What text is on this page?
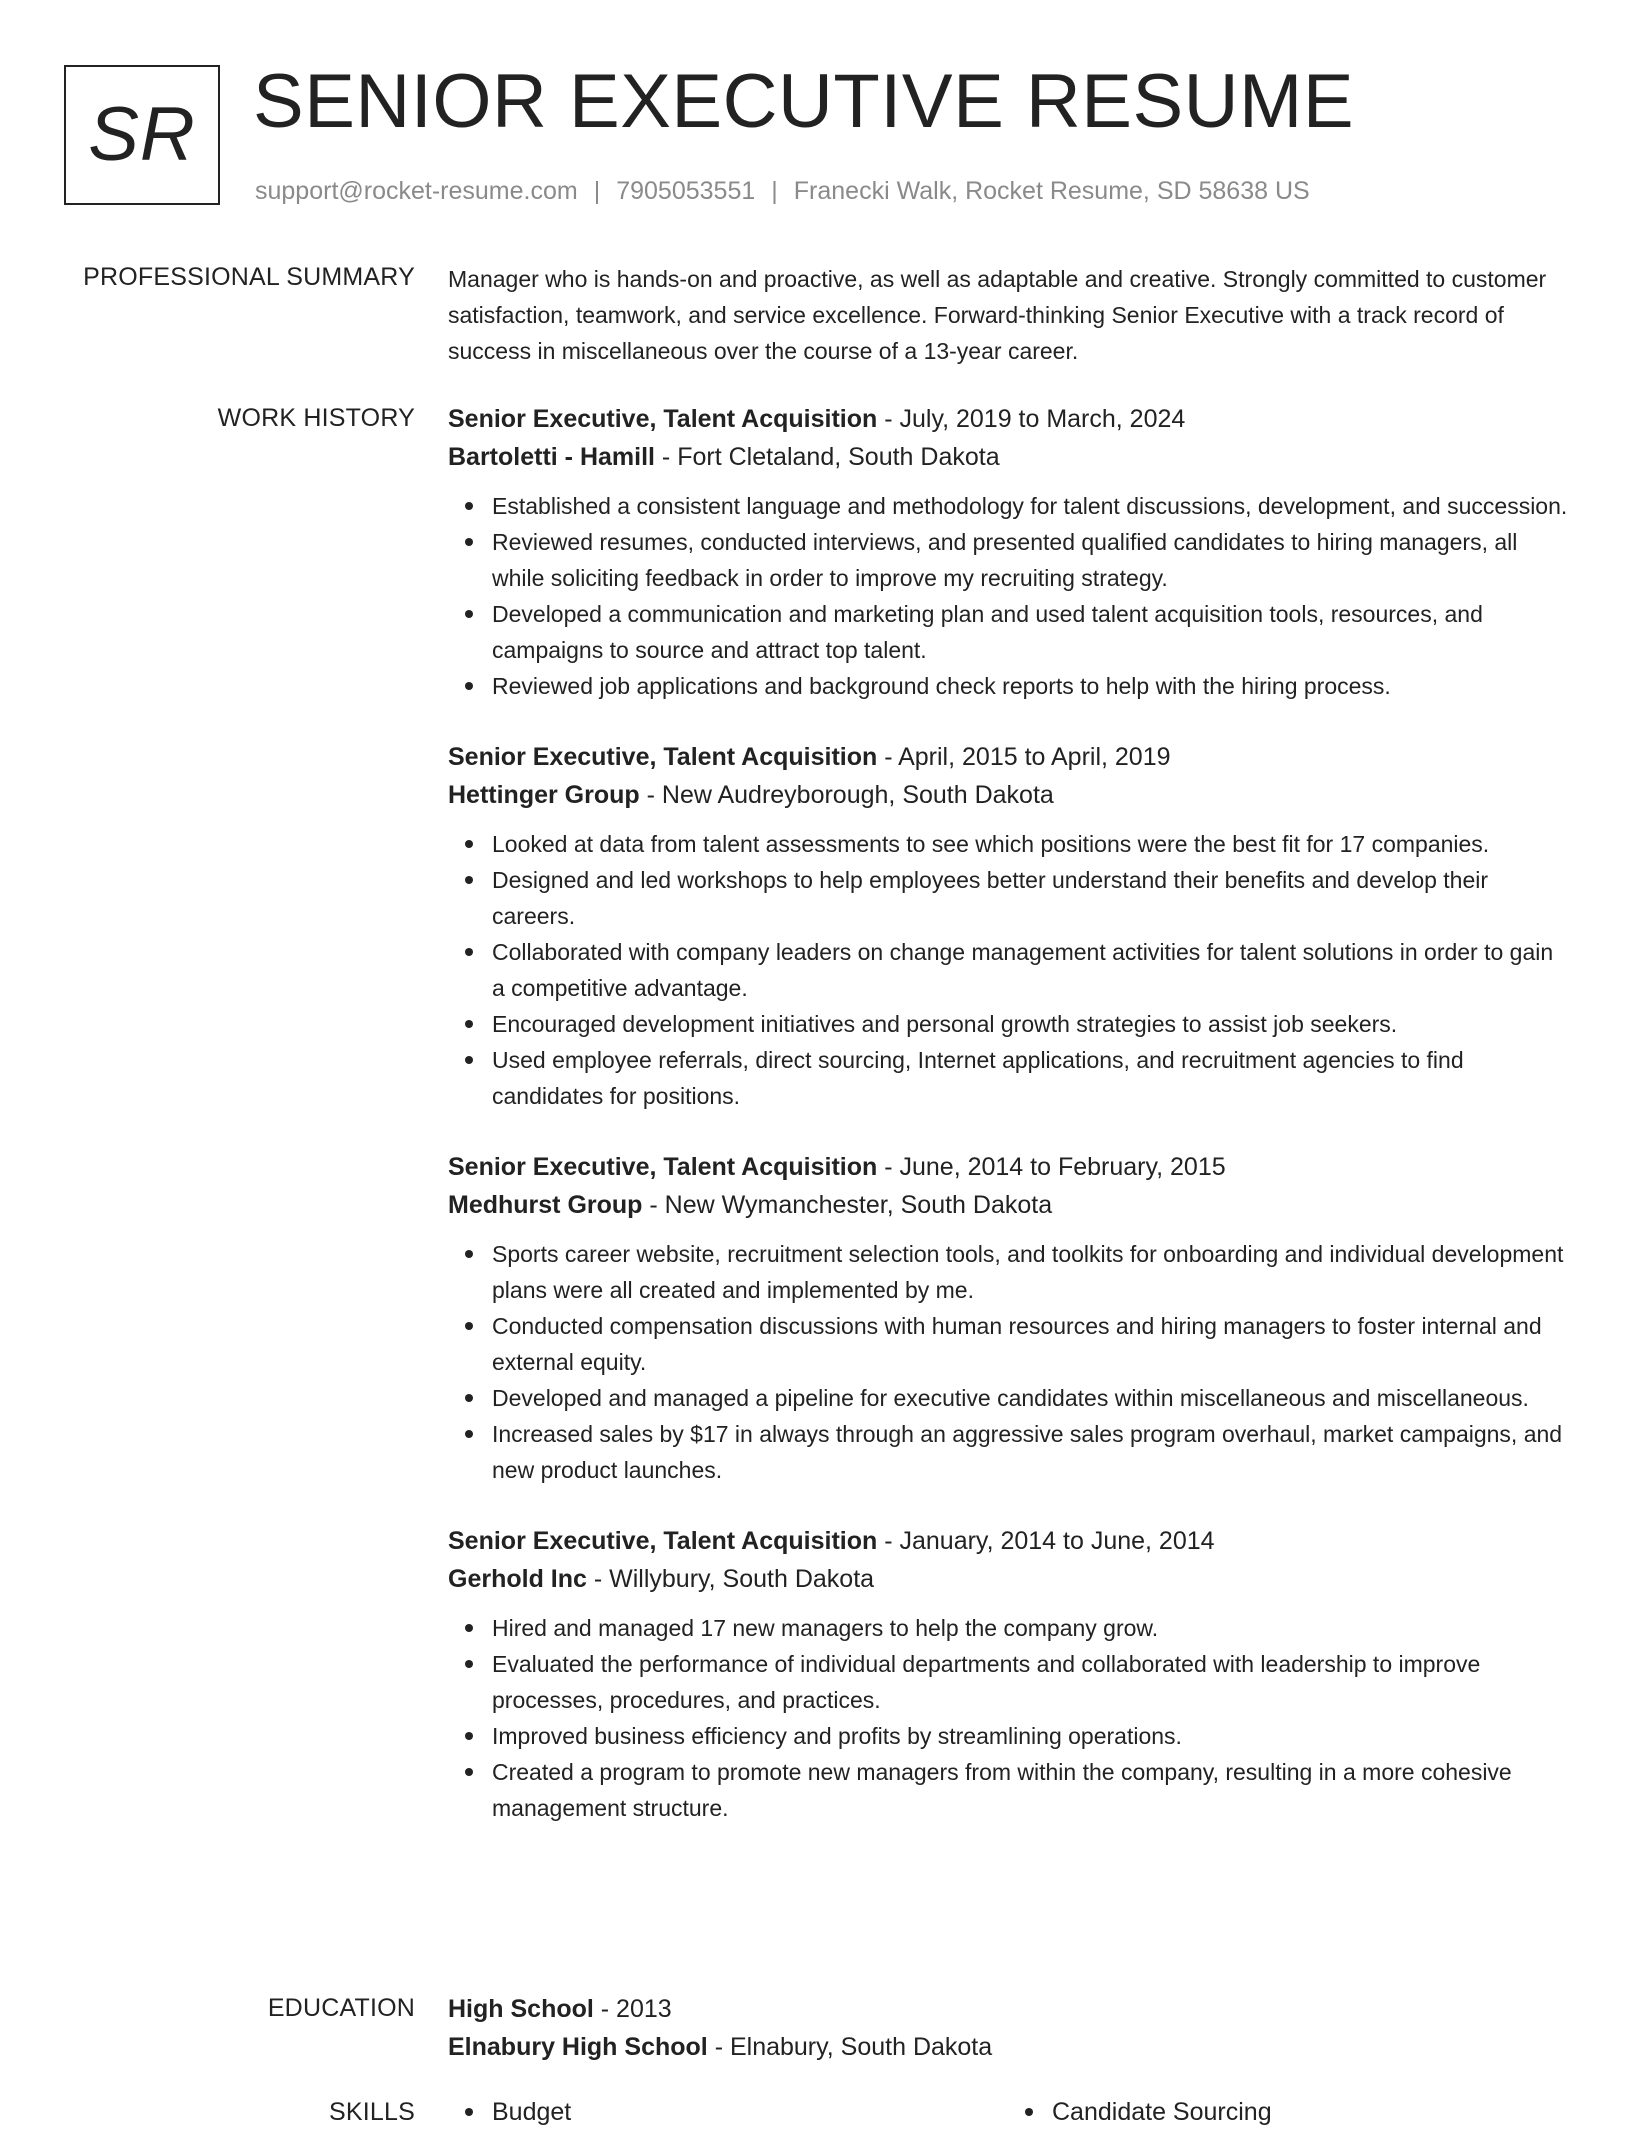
SR SENIOR EXECUTIVE RESUME
support@rocket-resume.com | 7905053551 | Franecki Walk, Rocket Resume, SD 58638 US
PROFESSIONAL SUMMARY Manager who is hands-on and proactive, as well as adaptable and creative. Strongly committed to customer satisfaction, teamwork, and service excellence. Forward-thinking Senior Executive with a track record of success in miscellaneous over the course of a 13-year career.

WORK HISTORY Senior Executive, Talent Acquisition - July, 2019 to March, 2024
Bartoletti - Hamill - Fort Cletaland, South Dakota
Established a consistent language and methodology for talent discussions, development, and succession.
Reviewed resumes, conducted interviews, and presented qualified candidates to hiring managers, all while soliciting feedback in order to improve my recruiting strategy.
Developed a communication and marketing plan and used talent acquisition tools, resources, and campaigns to source and attract top talent.
Reviewed job applications and background check reports to help with the hiring process.
Senior Executive, Talent Acquisition - April, 2015 to April, 2019
Hettinger Group - New Audreyborough, South Dakota
Looked at data from talent assessments to see which positions were the best fit for 17 companies.
Designed and led workshops to help employees better understand their benefits and develop their careers.
Collaborated with company leaders on change management activities for talent solutions in order to gain a competitive advantage.
Encouraged development initiatives and personal growth strategies to assist job seekers.
Used employee referrals, direct sourcing, Internet applications, and recruitment agencies to find candidates for positions.
Senior Executive, Talent Acquisition - June, 2014 to February, 2015
Medhurst Group - New Wymanchester, South Dakota
Sports career website, recruitment selection tools, and toolkits for onboarding and individual development plans were all created and implemented by me.
Conducted compensation discussions with human resources and hiring managers to foster internal and external equity.
Developed and managed a pipeline for executive candidates within miscellaneous and miscellaneous.
Increased sales by $17 in always through an aggressive sales program overhaul, market campaigns, and new product launches.
Senior Executive, Talent Acquisition - January, 2014 to June, 2014
Gerhold Inc - Willybury, South Dakota
Hired and managed 17 new managers to help the company grow.
Evaluated the performance of individual departments and collaborated with leadership to improve processes, procedures, and practices.
Improved business efficiency and profits by streamlining operations.
Created a program to promote new managers from within the company, resulting in a more cohesive management structure.
EDUCATION High School - 2013
Elnabury High School - Elnabury, South Dakota
SKILLS	Budget	Candidate Sourcing
